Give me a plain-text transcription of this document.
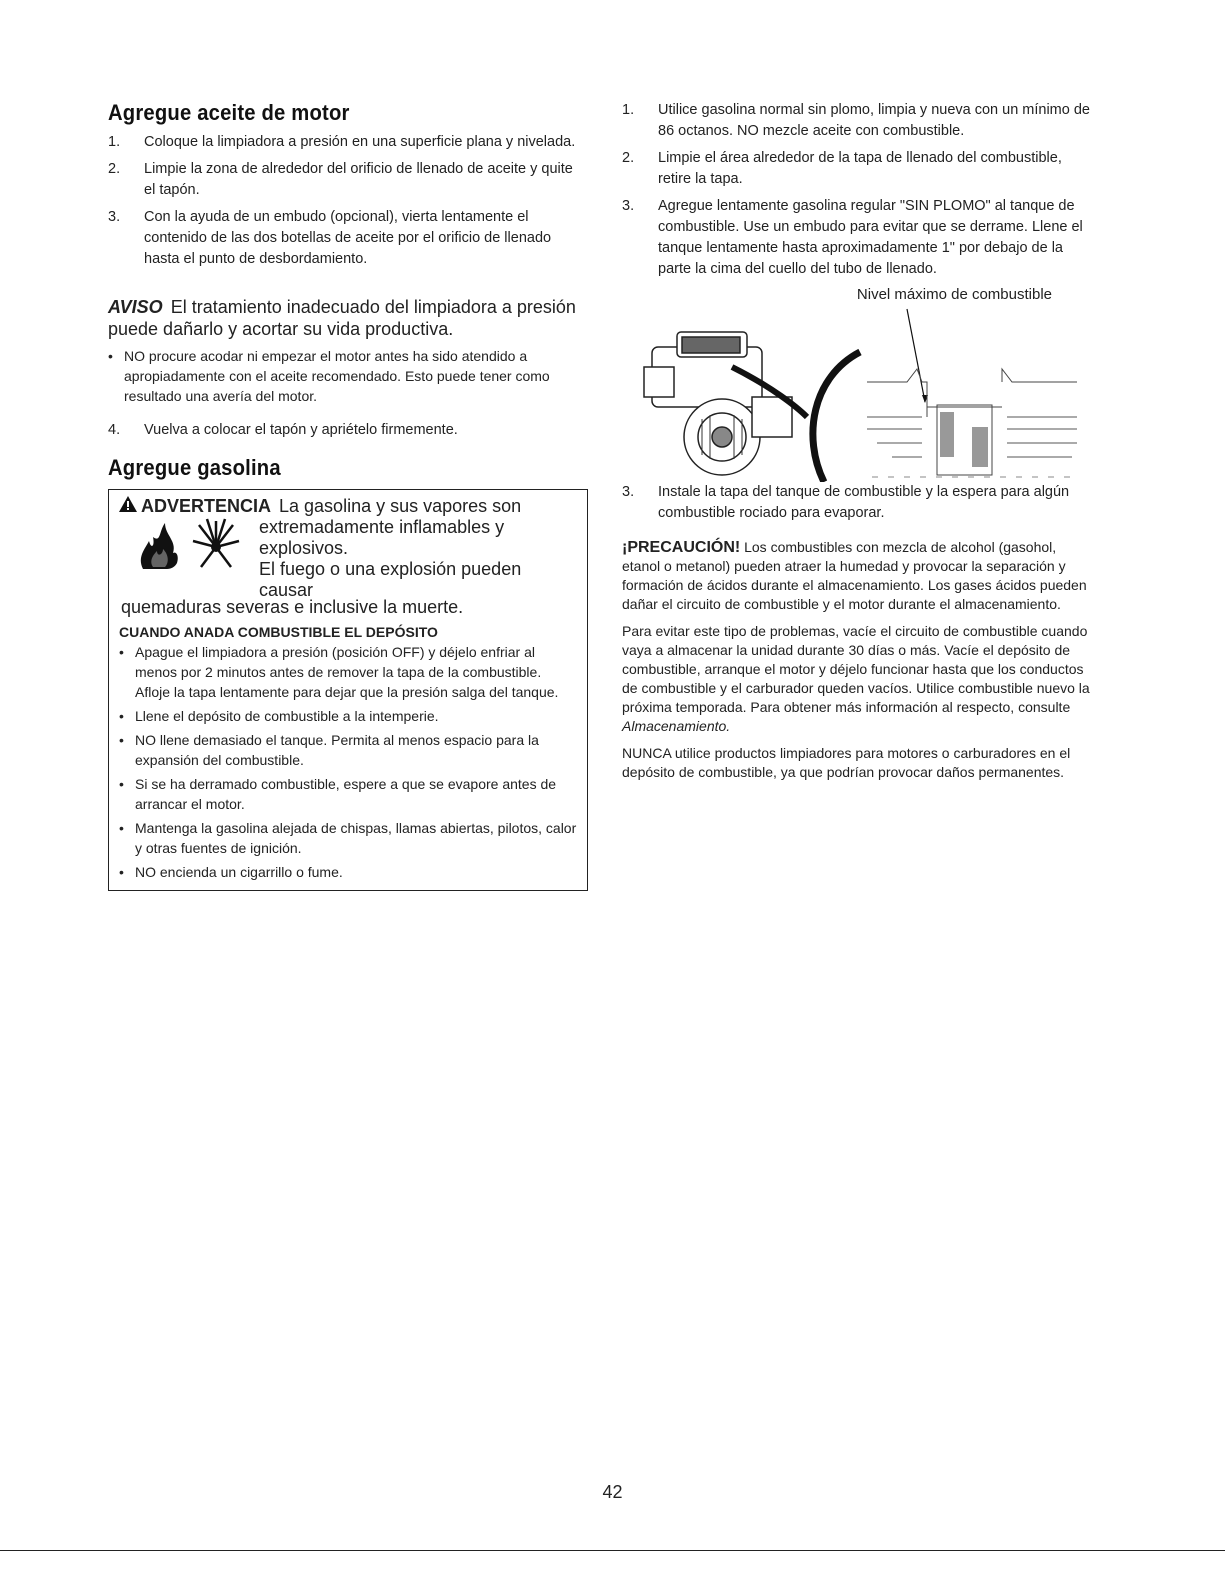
Agregue aceite de motor
1. Coloque la limpiadora a presión en una superficie plana y nivelada.
2. Limpie la zona de alrededor del orificio de llenado de aceite y quite el tapón.
3. Con la ayuda de un embudo (opcional), vierta lentamente el contenido de las dos botellas de aceite por el orificio de llenado hasta el punto de desbordamiento.
AVISO El tratamiento inadecuado del limpiadora a presión puede dañarlo y acortar su vida productiva.
• NO procure acodar ni empezar el motor antes ha sido atendido a apropiadamente con el aceite recomendado. Esto puede tener como resultado una avería del motor.
4. Vuelva a colocar el tapón y apriételo firmemente.
Agregue gasolina
ADVERTENCIA La gasolina y sus vapores son
extremadamente inflamables y
explosivos.
El fuego o una explosión pueden causar
quemaduras severas e inclusive la muerte.
CUANDO ANADA COMBUSTIBLE EL DEPÓSITO
• Apague el limpiadora a presión (posición OFF) y déjelo enfriar al menos por 2 minutos antes de remover la tapa de la combustible. Afloje la tapa lentamente para dejar que la presión salga del tanque.
• Llene el depósito de combustible a la intemperie.
• NO llene demasiado el tanque. Permita al menos espacio para la expansión del combustible.
• Si se ha derramado combustible, espere a que se evapore antes de arrancar el motor.
• Mantenga la gasolina alejada de chispas, llamas abiertas, pilotos, calor y otras fuentes de ignición.
• NO encienda un cigarrillo o fume.
1. Utilice gasolina normal sin plomo, limpia y nueva con un mínimo de 86 octanos. NO mezcle aceite con combustible.
2. Limpie el área alrededor de la tapa de llenado del combustible, retire la tapa.
3. Agregue lentamente gasolina regular "SIN PLOMO" al tanque de combustible. Use un embudo para evitar que se derrame. Llene el tanque lentamente hasta aproximadamente 1" por debajo de la parte la cima del cuello del tubo de llenado.
Nivel máximo de combustible
3. Instale la tapa del tanque de combustible y la espera para algún combustible rociado para evaporar.

¡PRECAUCIÓN! Los combustibles con mezcla de alcohol (gasohol, etanol o metanol) pueden atraer la humedad y provocar la separación y formación de ácidos durante el almacenamiento. Los gases ácidos pueden dañar el circuito de combustible y el motor durante el almacenamiento.

Para evitar este tipo de problemas, vacíe el circuito de combustible cuando vaya a almacenar la unidad durante 30 días o más. Vacíe el depósito de combustible, arranque el motor y déjelo funcionar hasta que los conductos de combustible y el carburador queden vacíos. Utilice combustible nuevo la próxima temporada. Para obtener más información al respecto, consulte Almacenamiento.

NUNCA utilice productos limpiadores para motores o carburadores en el depósito de combustible, ya que podrían provocar daños permanentes.

42
